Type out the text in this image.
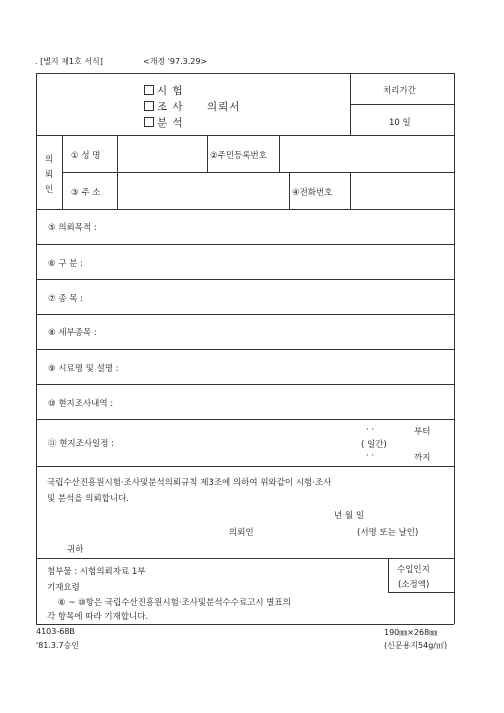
. [별지 제1호 서식]	<개정 '97.3.29>
시 험
조 사
분 석
의뢰서
처리기간
10 일
의
뢰
인
① 성 명	②주민등록번호
③ 주 소	④전화번호
⑤ 의뢰목적 :
⑥ 구 분 :
⑦ 종 목 :
⑧ 세부종목 :
⑨ 시료명 및 설명 :
⑩ 현지조사내역 :
⑪ 현지조사일정 :
· ·	부터
( 일간)
· ·	까지
국립수산진흥원시험·조사및분석의뢰규칙 제3조에 의하여 위와같이 시험·조사
및 분석을 의뢰합니다.
년 월 일
의뢰인	(서명 또는 날인)
귀하
첨부물 : 시험의뢰자료 1부
기재요령
⑥ ~ ⑩항은 국립수산진흥원시험·조사및분석수수료고시 별표의
각 항목에 따라 기재합니다.
수입인지
(소정액)
4103-68B
'81.3.7승인
190㎜×268㎜
(신문용지54g/㎡)
